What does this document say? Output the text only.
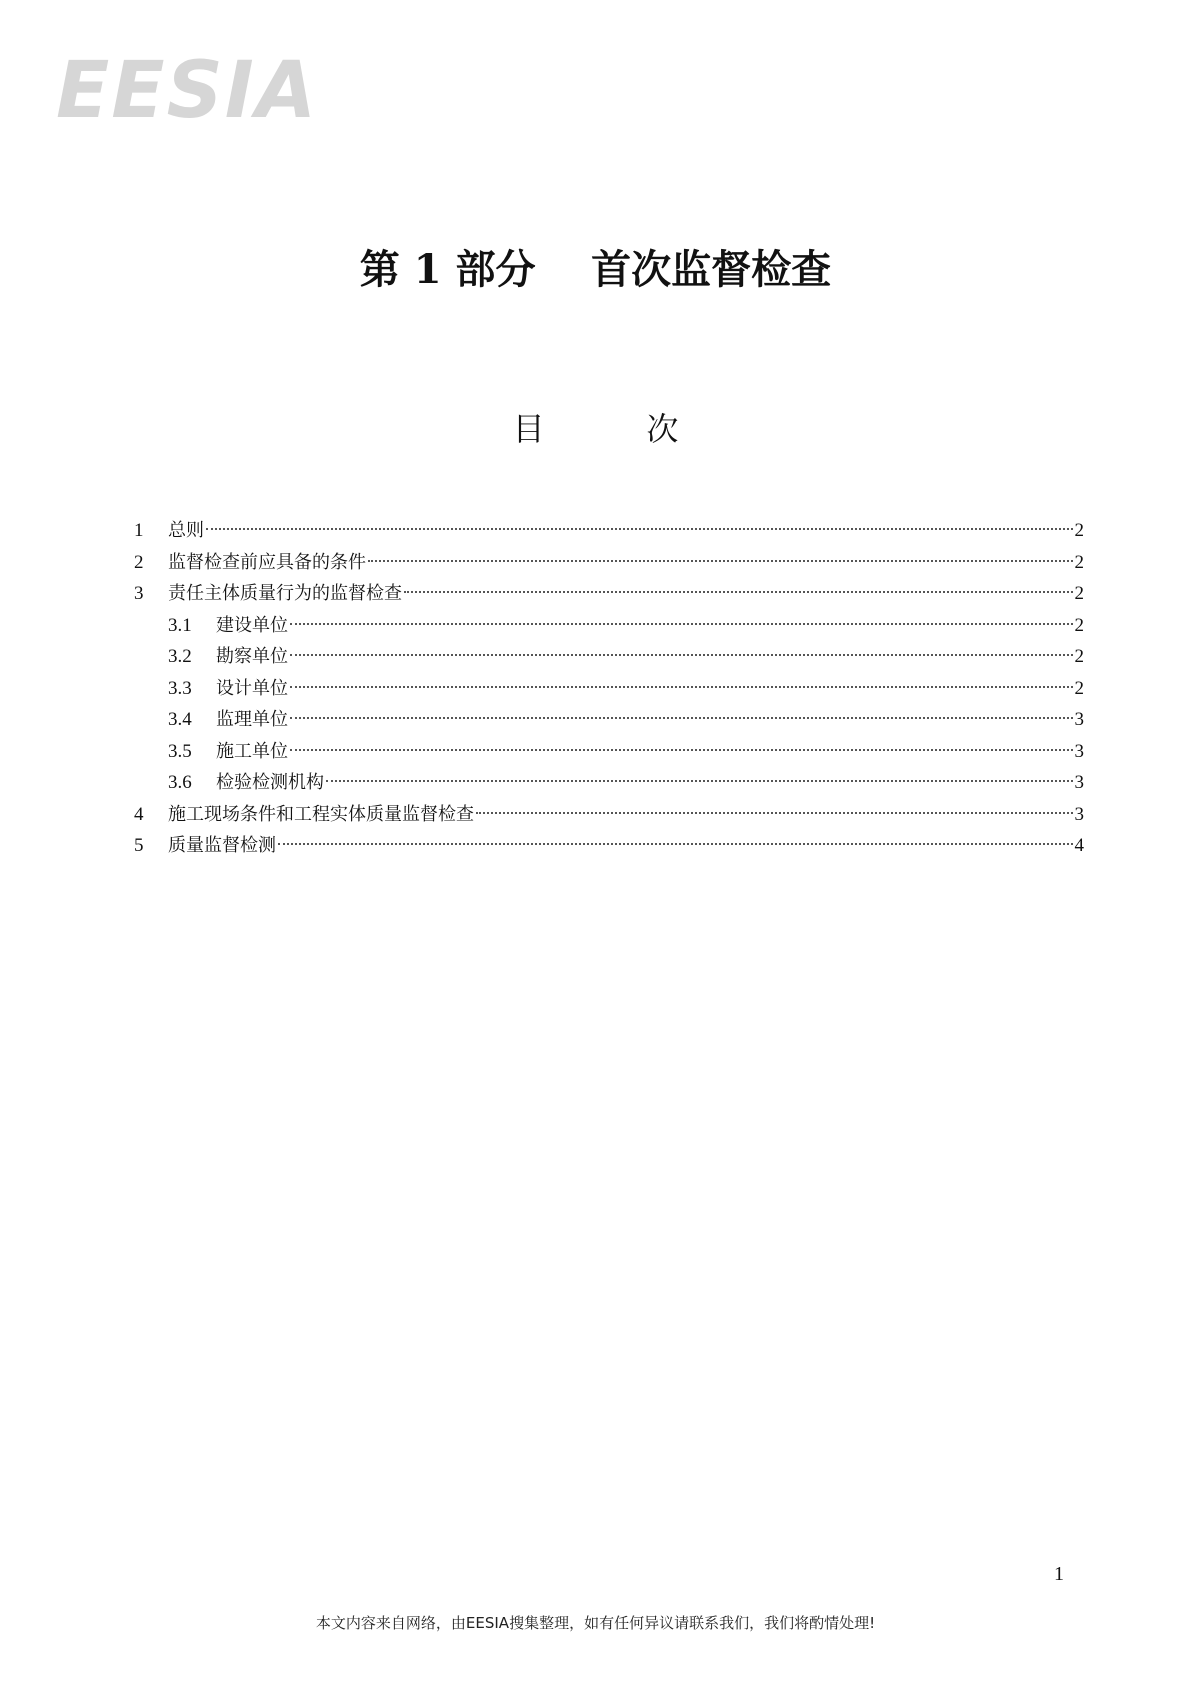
EESIA
第 1 部分    首次监督检查
目          次
1	总则	2
2	监督检查前应具备的条件	2
3	责任主体质量行为的监督检查	2
3.1	建设单位	2
3.2	勘察单位	2
3.3	设计单位	2
3.4	监理单位	3
3.5	施工单位	3
3.6	检验检测机构	3
4	施工现场条件和工程实体质量监督检查	3
5	质量监督检测	4
1
本文内容来自网络，由EESIA搜集整理，如有任何异议请联系我们，我们将酌情处理!
